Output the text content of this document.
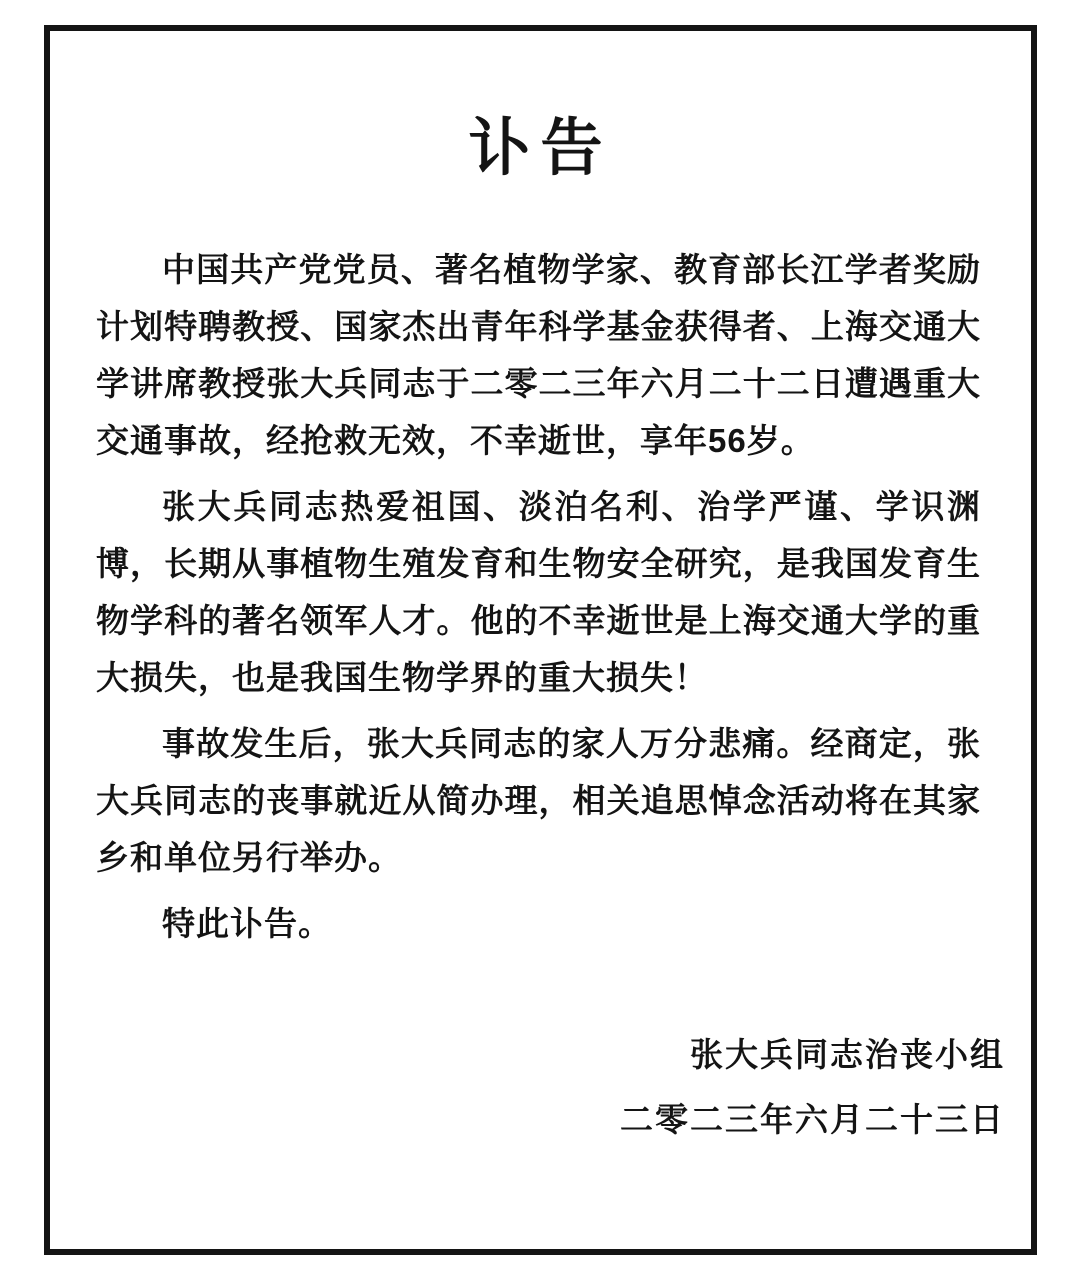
讣告

中国共产党党员、著名植物学家、教育部长江学者奖励计划特聘教授、国家杰出青年科学基金获得者、上海交通大学讲席教授张大兵同志于二零二三年六月二十二日遭遇重大交通事故，经抢救无效，不幸逝世，享年56岁。

张大兵同志热爱祖国、淡泊名利、治学严谨、学识渊博，长期从事植物生殖发育和生物安全研究，是我国发育生物学科的著名领军人才。他的不幸逝世是上海交通大学的重大损失，也是我国生物学界的重大损失！

事故发生后，张大兵同志的家人万分悲痛。经商定，张大兵同志的丧事就近从简办理，相关追思悼念活动将在其家乡和单位另行举办。

特此讣告。

张大兵同志治丧小组
二零二三年六月二十三日
